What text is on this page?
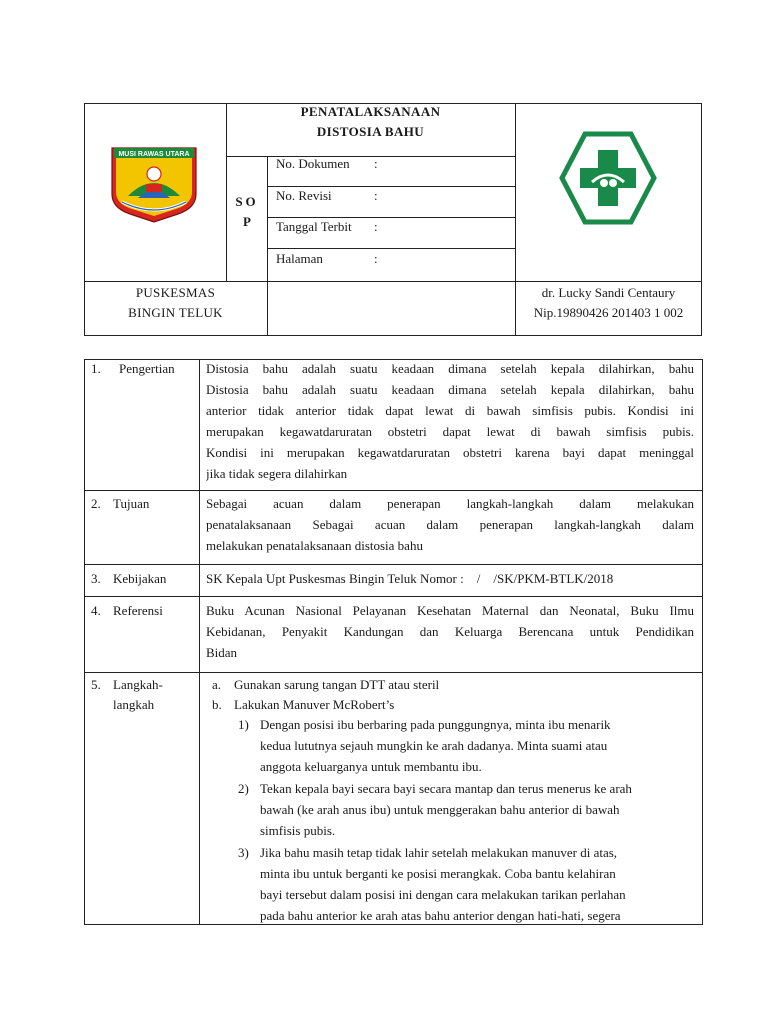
MUSI RAWAS UTARA
PENATALAKSANAAN
DISTOSIA BAHU
SO
P
No. Dokumen :
No. Revisi	:
Tanggal Terbit :
Halaman	:
PUSKESMAS
BINGIN TELUK
dr. Lucky Sandi Centaury
Nip.19890426 201403 1 002
1. Pengertian Distosia bahu adalah suatu keadaan dimana setelah kepala dilahirkan, bahu
Distosia bahu adalah suatu keadaan dimana setelah kepala dilahirkan, bahu
anterior tidak anterior tidak dapat lewat di bawah simfisis pubis. Kondisi ini
merupakan kegawatdaruratan obstetri dapat lewat di bawah simfisis pubis.
Kondisi ini merupakan kegawatdaruratan obstetri karena bayi dapat meninggal
jika tidak segera dilahirkan
2. Tujuan	Sebagai acuan dalam penerapan langkah-langkah dalam melakukan
penatalaksanaan Sebagai acuan dalam penerapan langkah-langkah dalam
melakukan penatalaksanaan distosia bahu
3. Kebijakan	SK Kepala Upt Puskesmas Bingin Teluk Nomor :    /    /SK/PKM-BTLK/2018
4. Referensi	Buku Acunan Nasional Pelayanan Kesehatan Maternal dan Neonatal, Buku Ilmu
Kebidanan, Penyakit Kandungan dan Keluarga Berencana untuk Pendidikan
Bidan
5. Langkah-
langkah
a. Gunakan sarung tangan DTT atau steril
b. Lakukan Manuver McRobert’s
1) Dengan posisi ibu berbaring pada punggungnya, minta ibu menarik
kedua lututnya sejauh mungkin ke arah dadanya. Minta suami atau
anggota keluarganya untuk membantu ibu.
2) Tekan kepala bayi secara bayi secara mantap dan terus menerus ke arah
bawah (ke arah anus ibu) untuk menggerakan bahu anterior di bawah
simfisis pubis.
3) Jika bahu masih tetap tidak lahir setelah melakukan manuver di atas,
minta ibu untuk berganti ke posisi merangkak. Coba bantu kelahiran
bayi tersebut dalam posisi ini dengan cara melakukan tarikan perlahan
pada bahu anterior ke arah atas bahu anterior dengan hati-hati, segera
